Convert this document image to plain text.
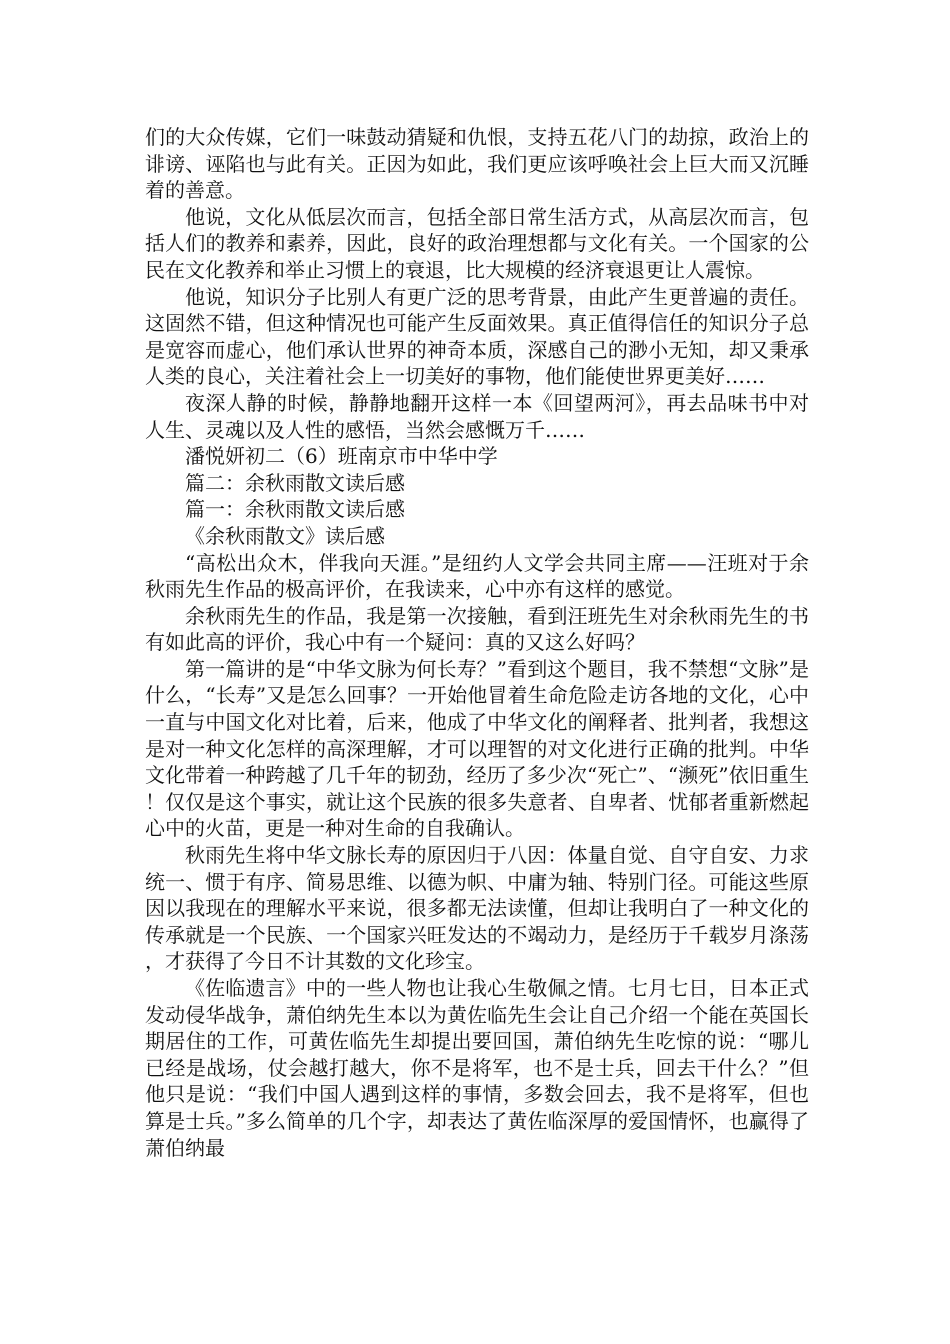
们的大众传媒，它们一味鼓动猜疑和仇恨，支持五花八门的劫掠，政治上的诽谤、诬陷也与此有关。正因为如此，我们更应该呼唤社会上巨大而又沉睡着的善意。

他说，文化从低层次而言，包括全部日常生活方式，从高层次而言，包括人们的教养和素养，因此，良好的政治理想都与文化有关。一个国家的公民在文化教养和举止习惯上的衰退，比大规模的经济衰退更让人震惊。

他说，知识分子比别人有更广泛的思考背景，由此产生更普遍的责任。这固然不错，但这种情况也可能产生反面效果。真正值得信任的知识分子总是宽容而虚心，他们承认世界的神奇本质，深感自己的渺小无知，却又秉承人类的良心，关注着社会上一切美好的事物，他们能使世界更美好……

夜深人静的时候，静静地翻开这样一本《回望两河》，再去品味书中对人生、灵魂以及人性的感悟，当然会感慨万千……

潘悦妍初二（6）班南京市中华中学

篇二：余秋雨散文读后感

篇一：余秋雨散文读后感

《余秋雨散文》读后感

“高松出众木，伴我向天涯。”是纽约人文学会共同主席——汪班对于余秋雨先生作品的极高评价，在我读来，心中亦有这样的感觉。

余秋雨先生的作品，我是第一次接触，看到汪班先生对余秋雨先生的书有如此高的评价，我心中有一个疑问：真的又这么好吗？

第一篇讲的是“中华文脉为何长寿？”看到这个题目，我不禁想“文脉”是什么，“长寿”又是怎么回事？一开始他冒着生命危险走访各地的文化，心中一直与中国文化对比着，后来，他成了中华文化的阐释者、批判者，我想这是对一种文化怎样的高深理解，才可以理智的对文化进行正确的批判。中华文化带着一种跨越了几千年的韧劲，经历了多少次“死亡”、“濒死”依旧重生！仅仅是这个事实，就让这个民族的很多失意者、自卑者、忧郁者重新燃起心中的火苗，更是一种对生命的自我确认。

秋雨先生将中华文脉长寿的原因归于八因：体量自觉、自守自安、力求统一、惯于有序、简易思维、以德为帜、中庸为轴、特别门径。可能这些原因以我现在的理解水平来说，很多都无法读懂，但却让我明白了一种文化的传承就是一个民族、一个国家兴旺发达的不竭动力，是经历于千载岁月涤荡，才获得了今日不计其数的文化珍宝。

《佐临遗言》中的一些人物也让我心生敬佩之情。七月七日，日本正式发动侵华战争，萧伯纳先生本以为黄佐临先生会让自己介绍一个能在英国长期居住的工作，可黄佐临先生却提出要回国，萧伯纳先生吃惊的说：“哪儿已经是战场，仗会越打越大，你不是将军，也不是士兵，回去干什么？”但他只是说：“我们中国人遇到这样的事情，多数会回去，我不是将军，但也算是士兵。”多么简单的几个字，却表达了黄佐临深厚的爱国情怀，也赢得了萧伯纳最
